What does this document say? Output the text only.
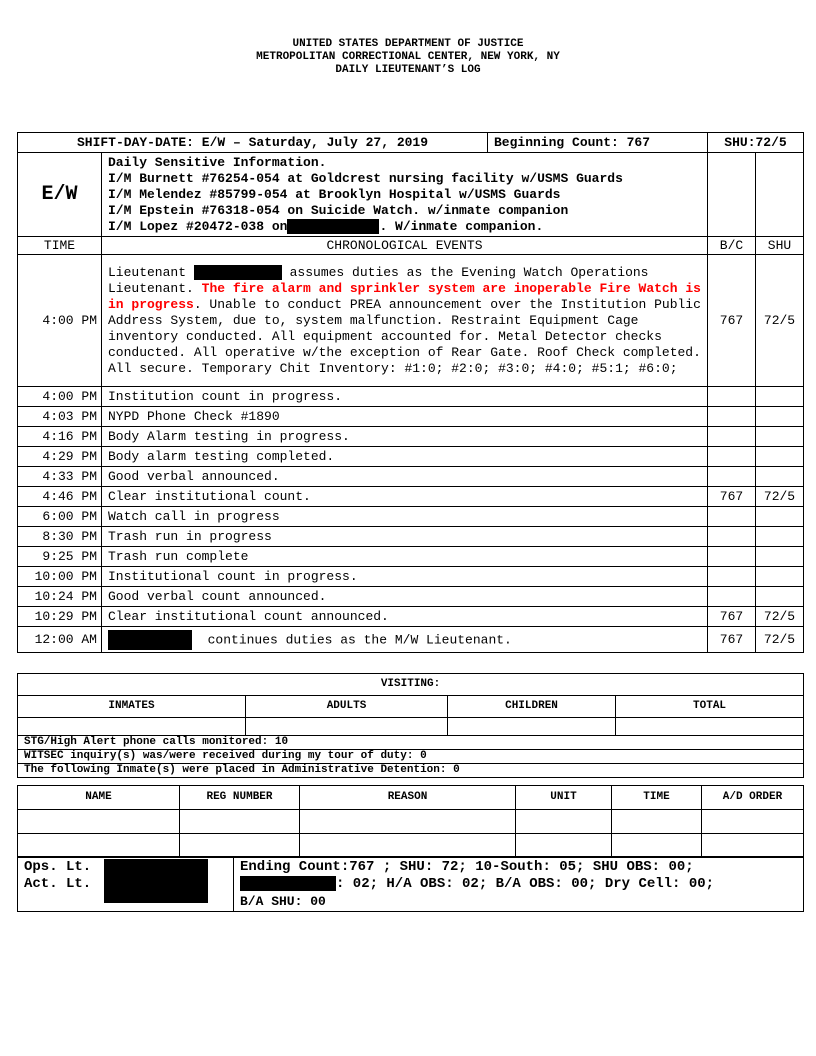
UNITED STATES DEPARTMENT OF JUSTICE
METROPOLITAN CORRECTIONAL CENTER, NEW YORK, NY
DAILY LIEUTENANT’S LOG
SHIFT-DAY-DATE: E/W – Saturday, July 27, 2019		Beginning Count: 767	SHU:72/5	
E/W	Daily Sensitive Information.
I/M Burnett #76254-054 at Goldcrest nursing facility w/USMS Guards
I/M Melendez #85799-054 at Brooklyn Hospital w/USMS Guards
I/M Epstein #76318-054 on Suicide Watch. w/inmate companion
I/M Lopez #20472-038 on . W/inmate companion.			

TIME	CHRONOLOGICAL EVENTS		B/C	SHU
4:00 PM	Lieutenant assumes duties as the Evening Watch Operations Lieutenant. The fire alarm and sprinkler system are inoperable Fire Watch is in progress. Unable to conduct PREA announcement over the Institution Public Address System, due to, system malfunction. Restraint Equipment Cage inventory conducted. All equipment accounted for. Metal Detector checks conducted. All operative w/the exception of Rear Gate. Roof Check completed. All secure. Temporary Chit Inventory: #1:0; #2:0; #3:0; #4:0; #5:1; #6:0;		767	72/5
4:00 PM	Institution count in progress.			
4:03 PM	NYPD Phone Check #1890			
4:16 PM	Body Alarm testing in progress.			
4:29 PM	Body alarm testing completed.			
4:33 PM	Good verbal announced.			
4:46 PM	Clear institutional count.		767	72/5
6:00 PM	Watch call in progress			
8:30 PM	Trash run in progress			
9:25 PM	Trash run complete			
10:00 PM	Institutional count in progress.			
10:24 PM	Good verbal count announced.			
10:29 PM	Clear institutional count announced.		767	72/5
12:00 AM	continues duties as the M/W Lieutenant.		767	72/5
VISITING:			
INMATES	ADULTS	CHILDREN	TOTAL

STG/High Alert phone calls monitored: 10			
WITSEC inquiry(s) was/were received during my tour of duty: 0			
The following Inmate(s) were placed in Administrative Detention: 0			
NAME	REG NUMBER	REASON	UNIT	TIME	A/D ORDER

Ops. Lt.
Act. Lt.

Ending Count:767 ; SHU: 72; 10-South: 05; SHU OBS: 00;
: 02; H/A OBS: 02; B/A OBS: 00; Dry Cell: 00;
B/A SHU: 00
